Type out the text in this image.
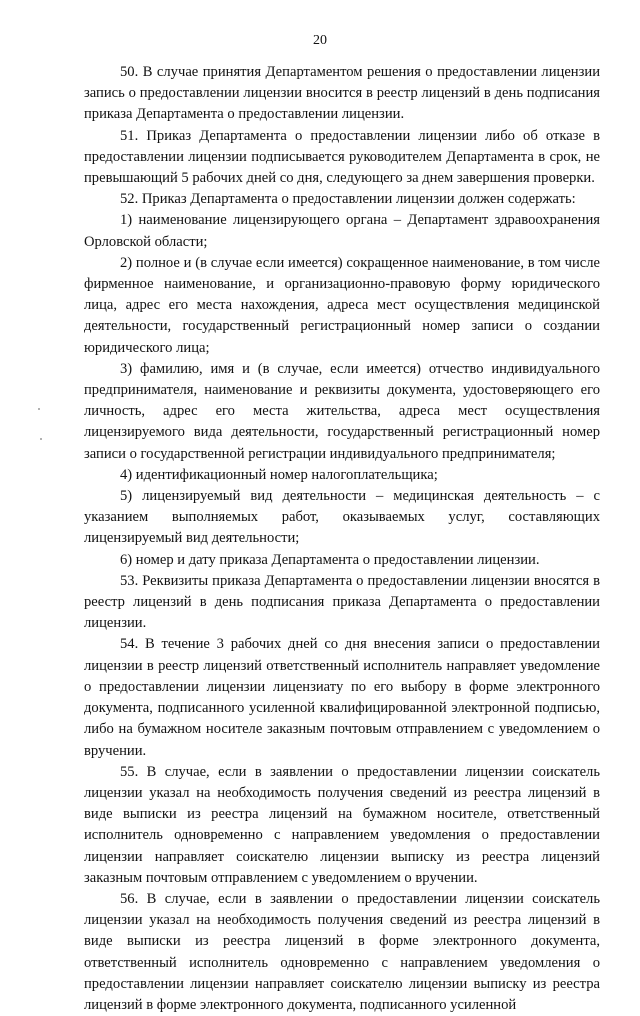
20

50. В случае принятия Департаментом решения о предоставлении лицензии запись о предоставлении лицензии вносится в реестр лицензий в день подписания приказа Департамента о предоставлении лицензии.

51. Приказ Департамента о предоставлении лицензии либо об отказе в предоставлении лицензии подписывается руководителем Департамента в срок, не превышающий 5 рабочих дней со дня, следующего за днем завершения проверки.

52. Приказ Департамента о предоставлении лицензии должен содержать:

1) наименование лицензирующего органа – Департамент здравоохранения Орловской области;

2) полное и (в случае если имеется) сокращенное наименование, в том числе фирменное наименование, и организационно-правовую форму юридического лица, адрес его места нахождения, адреса мест осуществления медицинской деятельности, государственный регистрационный номер записи о создании юридического лица;

3) фамилию, имя и (в случае, если имеется) отчество индивидуального предпринимателя, наименование и реквизиты документа, удостоверяющего его личность, адрес его места жительства, адреса мест осуществления лицензируемого вида деятельности, государственный регистрационный номер записи о государственной регистрации индивидуального предпринимателя;

4) идентификационный номер налогоплательщика;

5) лицензируемый вид деятельности – медицинская деятельность – с указанием выполняемых работ, оказываемых услуг, составляющих лицензируемый вид деятельности;

6) номер и дату приказа Департамента о предоставлении лицензии.

53. Реквизиты приказа Департамента о предоставлении лицензии вносятся в реестр лицензий в день подписания приказа Департамента о предоставлении лицензии.

54. В течение 3 рабочих дней со дня внесения записи о предоставлении лицензии в реестр лицензий ответственный исполнитель направляет уведомление о предоставлении лицензии лицензиату по его выбору в форме электронного документа, подписанного усиленной квалифицированной электронной подписью, либо на бумажном носителе заказным почтовым отправлением с уведомлением о вручении.

55. В случае, если в заявлении о предоставлении лицензии соискатель лицензии указал на необходимость получения сведений из реестра лицензий в виде выписки из реестра лицензий на бумажном носителе, ответственный исполнитель одновременно с направлением уведомления о предоставлении лицензии направляет соискателю лицензии выписку из реестра лицензий заказным почтовым отправлением с уведомлением о вручении.

56. В случае, если в заявлении о предоставлении лицензии соискатель лицензии указал на необходимость получения сведений из реестра лицензий в виде выписки из реестра лицензий в форме электронного документа, ответственный исполнитель одновременно с направлением уведомления о предоставлении лицензии направляет соискателю лицензии выписку из реестра лицензий в форме электронного документа, подписанного усиленной
